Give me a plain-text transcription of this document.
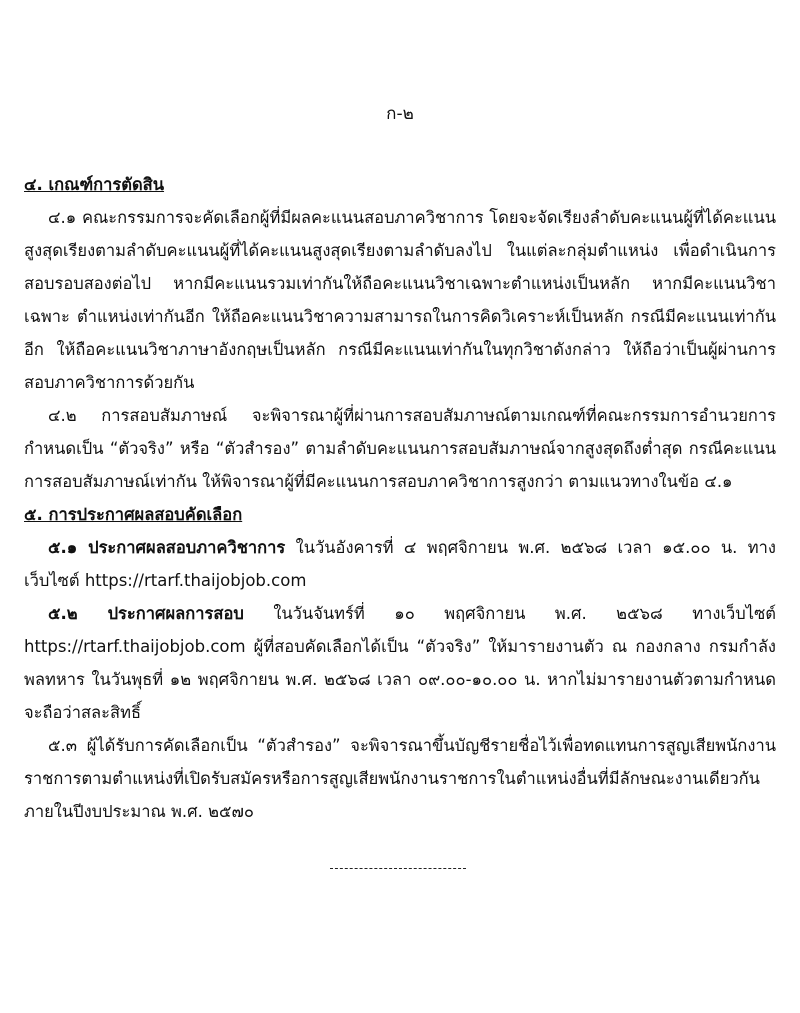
ก-๒

๔. เกณฑ์การตัดสิน

๔.๑ คณะกรรมการจะคัดเลือกผู้ที่มีผลคะแนนสอบภาควิชาการ โดยจะจัดเรียงลำดับคะแนนผู้ที่ได้คะแนนสูงสุดเรียงตามลำดับคะแนนผู้ที่ได้คะแนนสูงสุดเรียงตามลำดับลงไป ในแต่ละกลุ่มตำแหน่ง เพื่อดำเนินการสอบรอบสองต่อไป หากมีคะแนนรวมเท่ากันให้ถือคะแนนวิชาเฉพาะตำแหน่งเป็นหลัก หากมีคะแนนวิชาเฉพาะ ตำแหน่งเท่ากันอีก ให้ถือคะแนนวิชาความสามารถในการคิดวิเคราะห์เป็นหลัก กรณีมีคะแนนเท่ากันอีก ให้ถือคะแนนวิชาภาษาอังกฤษเป็นหลัก กรณีมีคะแนนเท่ากันในทุกวิชาดังกล่าว ให้ถือว่าเป็นผู้ผ่านการสอบภาควิชาการด้วยกัน

๔.๒ การสอบสัมภาษณ์ จะพิจารณาผู้ที่ผ่านการสอบสัมภาษณ์ตามเกณฑ์ที่คณะกรรมการอำนวยการกำหนดเป็น “ตัวจริง” หรือ “ตัวสำรอง” ตามลำดับคะแนนการสอบสัมภาษณ์จากสูงสุดถึงต่ำสุด กรณีคะแนนการสอบสัมภาษณ์เท่ากัน ให้พิจารณาผู้ที่มีคะแนนการสอบภาควิชาการสูงกว่า ตามแนวทางในข้อ ๔.๑

๕. การประกาศผลสอบคัดเลือก

๕.๑ ประกาศผลสอบภาควิชาการ ในวันอังคารที่ ๔ พฤศจิกายน พ.ศ. ๒๕๖๘ เวลา ๑๕.๐๐ น. ทางเว็บไซต์ https://rtarf.thaijobjob.com

๕.๒ ประกาศผลการสอบ ในวันจันทร์ที่ ๑๐ พฤศจิกายน พ.ศ. ๒๕๖๘ ทางเว็บไซต์ https://rtarf.thaijobjob.com ผู้ที่สอบคัดเลือกได้เป็น “ตัวจริง” ให้มารายงานตัว ณ กองกลาง กรมกำลังพลทหาร ในวันพุธที่ ๑๒ พฤศจิกายน พ.ศ. ๒๕๖๘ เวลา ๐๙.๐๐-๑๐.๐๐ น. หากไม่มารายงานตัวตามกำหนดจะถือว่าสละสิทธิ์

๕.๓ ผู้ได้รับการคัดเลือกเป็น “ตัวสำรอง” จะพิจารณาขึ้นบัญชีรายชื่อไว้เพื่อทดแทนการสูญเสียพนักงานราชการตามตำแหน่งที่เปิดรับสมัครหรือการสูญเสียพนักงานราชการในตำแหน่งอื่นที่มีลักษณะงานเดียวกัน ภายในปีงบประมาณ พ.ศ. ๒๕๗๐
